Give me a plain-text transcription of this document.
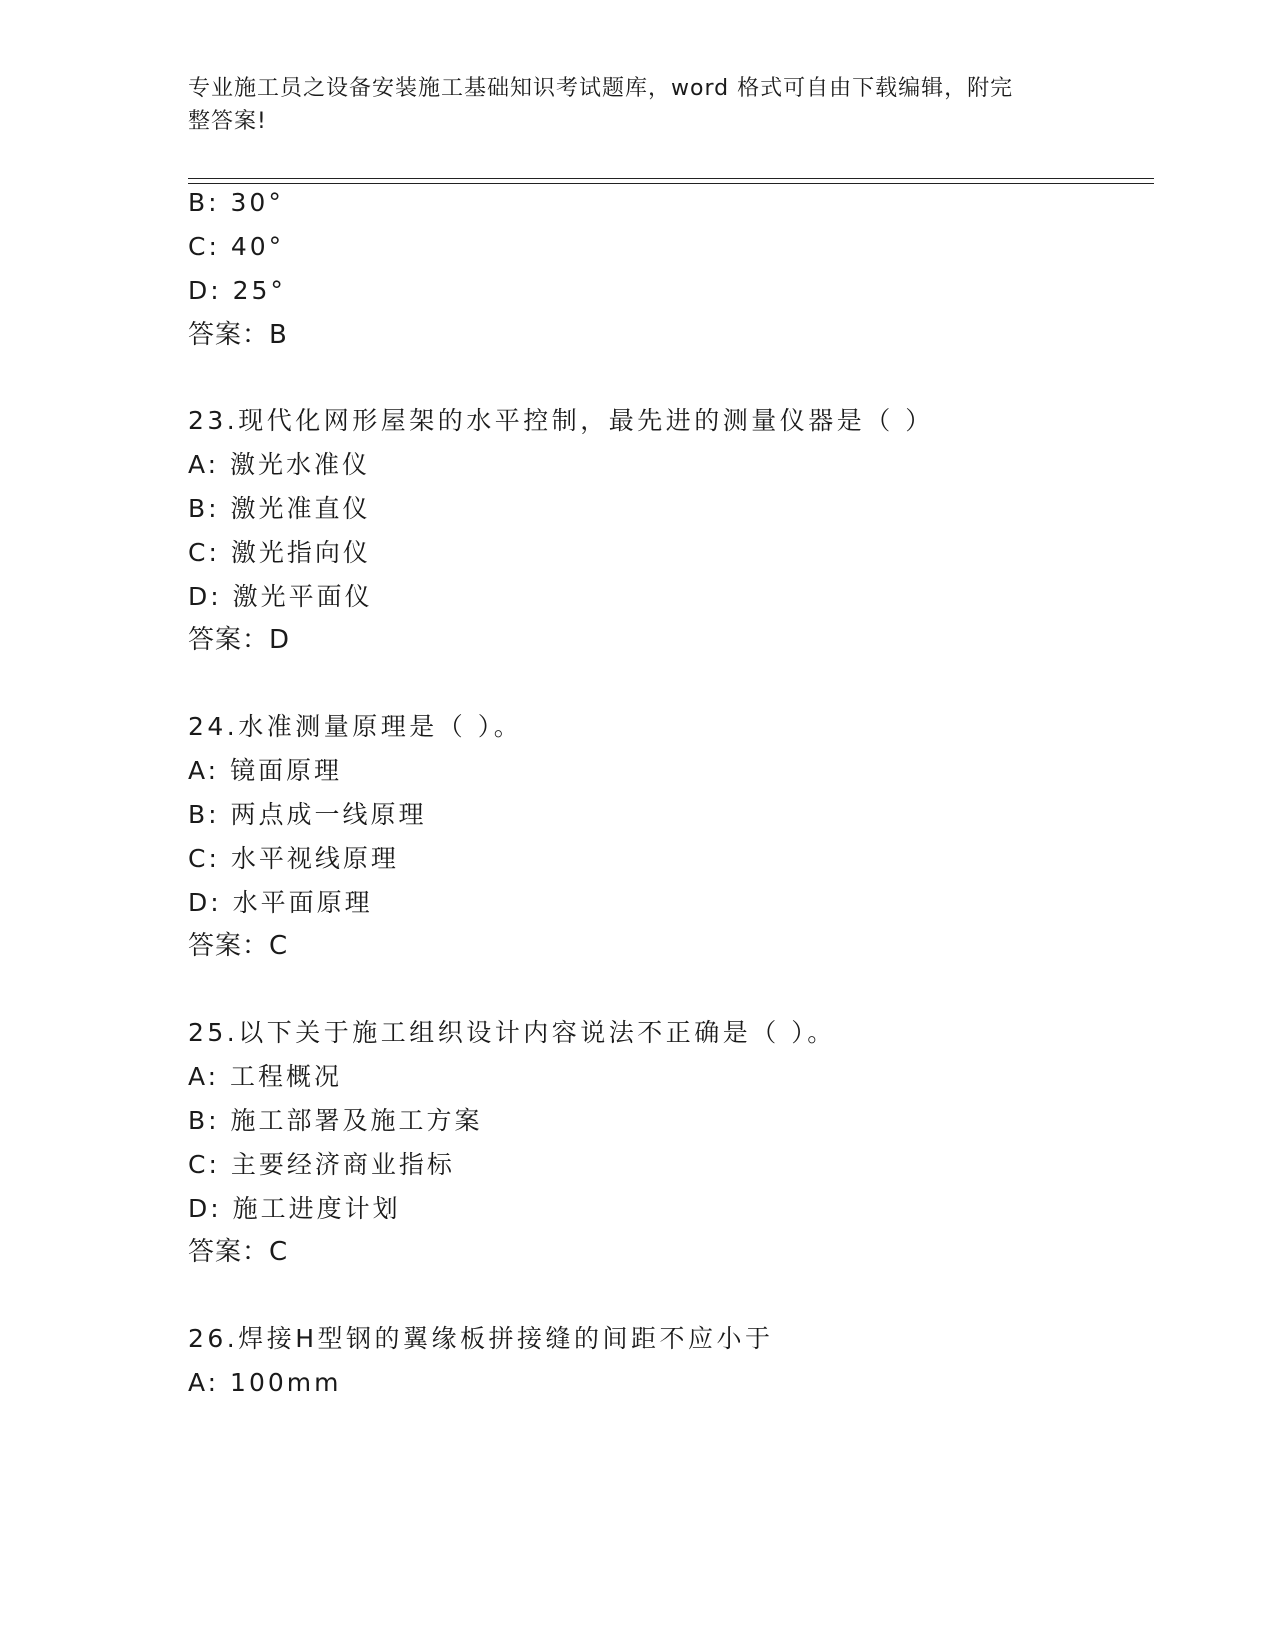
专业施工员之设备安装施工基础知识考试题库，word 格式可自由下载编辑，附完
整答案!
B: 30°
C: 40°
D: 25°
答案：B
23.现代化网形屋架的水平控制，最先进的测量仪器是（ ）
A: 激光水准仪
B: 激光准直仪
C: 激光指向仪
D: 激光平面仪
答案：D
24.水准测量原理是（ ）。
A: 镜面原理
B: 两点成一线原理
C: 水平视线原理
D: 水平面原理
答案：C
25.以下关于施工组织设计内容说法不正确是（ ）。
A: 工程概况
B: 施工部署及施工方案
C: 主要经济商业指标
D: 施工进度计划
答案：C
26.焊接H型钢的翼缘板拼接缝的间距不应小于
A: 100mm
